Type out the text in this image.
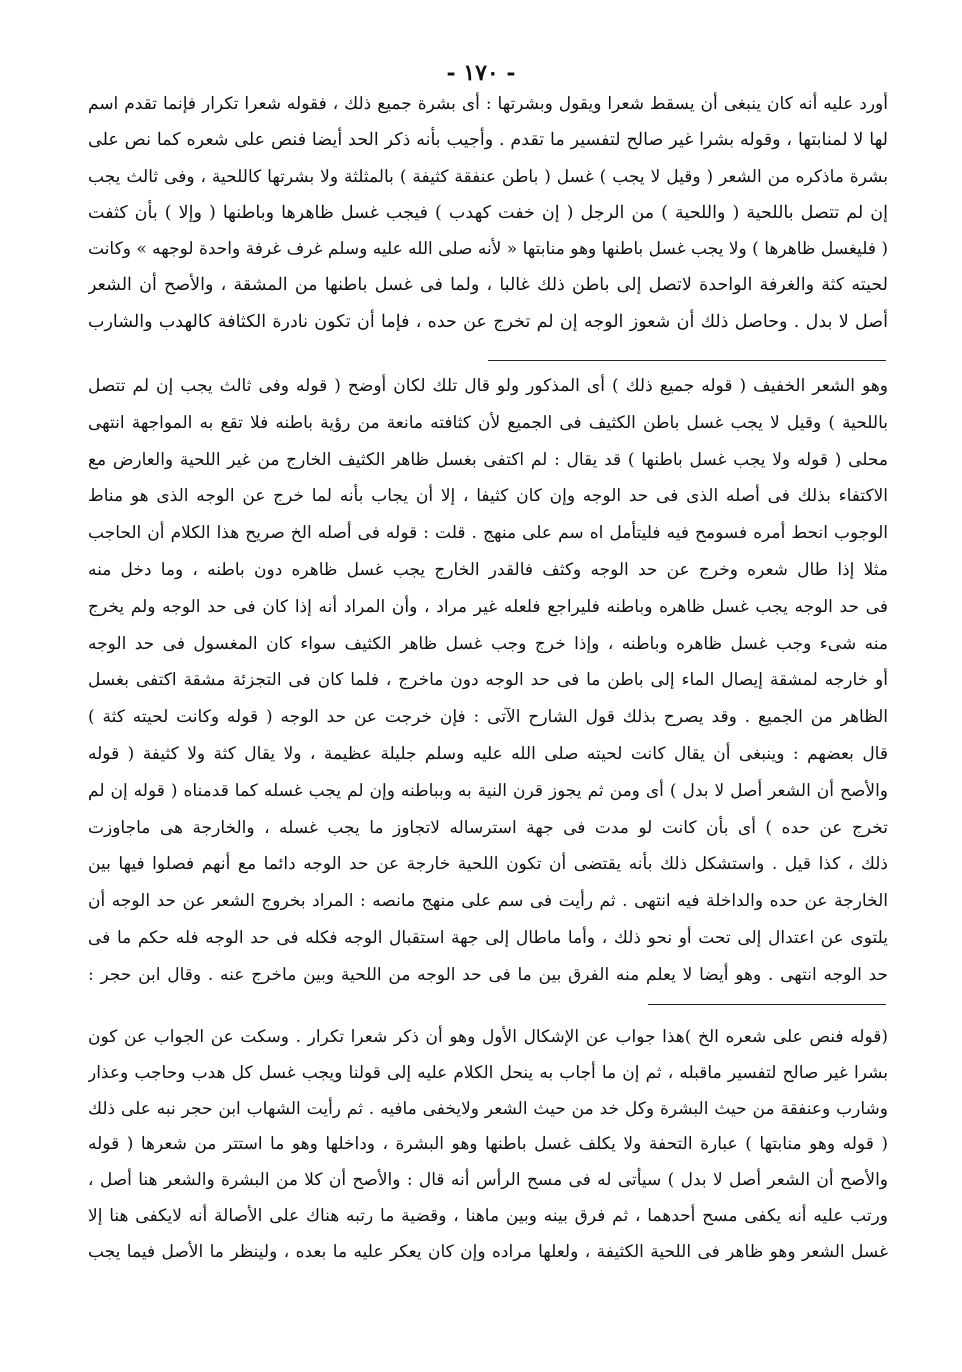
- ١٧٠ -
أورد عليه أنه كان ينبغى أن يسقط شعرا ويقول وبشرتها : أى بشرة جميع ذلك ، فقوله شعرا تكرار فإنما تقدم اسم
لها لا لمنابتها ، وقوله بشرا غير صالح لتفسير ما تقدم . وأجيب بأنه ذكر الحد أيضا فنص على شعره كما نص على
بشرة ماذكره من الشعر ( وقيل لا يجب ) غسل ( باطن عنفقة كثيفة ) بالمثلثة ولا بشرتها كاللحية ، وفى ثالث يجب
إن لم تتصل باللحية ( واللحية ) من الرجل ( إن خفت كهدب ) فيجب غسل ظاهرها وباطنها ( وإلا ) بأن كثفت
( فليغسل ظاهرها ) ولا يجب غسل باطنها وهو منابتها « لأنه صلى الله عليه وسلم غرف غرفة واحدة لوجهه » وكانت
لحيته كثة والغرفة الواحدة لاتصل إلى باطن ذلك غالبا ، ولما فى غسل باطنها من المشقة ، والأصح أن الشعر
أصل لا بدل . وحاصل ذلك أن شعوز الوجه إن لم تخرج عن حده ، فإما أن تكون نادرة الكثافة كالهدب والشارب
وهو الشعر الخفيف ( قوله جميع ذلك ) أى المذكور ولو قال تلك لكان أوضح ( قوله وفى ثالث يجب إن لم تتصل
باللحية ) وقيل لا يجب غسل باطن الكثيف فى الجميع لأن كثافته مانعة من رؤية باطنه فلا تقع به المواجهة انتهى
محلى ( قوله ولا يجب غسل باطنها ) قد يقال : لم اكتفى بغسل ظاهر الكثيف الخارج من غير اللحية والعارض مع
الاكتفاء بذلك فى أصله الذى فى حد الوجه وإن كان كثيفا ، إلا أن يجاب بأنه لما خرج عن الوجه الذى هو مناط
الوجوب انحط أمره فسومح فيه فليتأمل اه سم على منهج . قلت : قوله فى أصله الخ صريح هذا الكلام أن الحاجب
مثلا إذا طال شعره وخرج عن حد الوجه وكثف فالقدر الخارج يجب غسل ظاهره دون باطنه ، وما دخل منه
فى حد الوجه يجب غسل ظاهره وباطنه فليراجع فلعله غير مراد ، وأن المراد أنه إذا كان فى حد الوجه ولم يخرج
منه شىء وجب غسل ظاهره وباطنه ، وإذا خرج وجب غسل ظاهر الكثيف سواء كان المغسول فى حد الوجه
أو خارجه لمشقة إيصال الماء إلى باطن ما فى حد الوجه دون ماخرج ، فلما كان فى التجزئة مشقة اكتفى بغسل
الظاهر من الجميع . وقد يصرح بذلك قول الشارح الآتى : فإن خرجت عن حد الوجه ( قوله وكانت لحيته كثة )
قال بعضهم : وينبغى أن يقال كانت لحيته صلى الله عليه وسلم جليلة عظيمة ، ولا يقال كثة ولا كثيفة ( قوله
والأصح أن الشعر أصل لا بدل ) أى ومن ثم يجوز قرن النية به وبباطنه وإن لم يجب غسله كما قدمناه ( قوله إن لم
تخرج عن حده ) أى بأن كانت لو مدت فى جهة استرساله لاتجاوز ما يجب غسله ، والخارجة هى ماجاوزت
ذلك ، كذا قيل . واستشكل ذلك بأنه يقتضى أن تكون اللحية خارجة عن حد الوجه دائما مع أنهم فصلوا فيها بين
الخارجة عن حده والداخلة فيه انتهى . ثم رأيت فى سم على منهج مانصه : المراد بخروج الشعر عن حد الوجه أن
يلتوى عن اعتدال إلى تحت أو نحو ذلك ، وأما ماطال إلى جهة استقبال الوجه فكله فى حد الوجه فله حكم ما فى
حد الوجه انتهى . وهو أيضا لا يعلم منه الفرق بين ما فى حد الوجه من اللحية وبين ماخرج عنه . وقال ابن حجر :
(قوله فنص على شعره الخ )هذا جواب عن الإشكال الأول وهو أن ذكر شعرا تكرار . وسكت عن الجواب عن كون
بشرا غير صالح لتفسير ماقبله ، ثم إن ما أجاب به ينحل الكلام عليه إلى قولنا ويجب غسل كل هدب وحاجب وعذار
وشارب وعنفقة من حيث البشرة وكل خد من حيث الشعر ولايخفى مافيه . ثم رأيت الشهاب ابن حجر نبه على ذلك
( قوله وهو منابتها ) عبارة التحفة ولا يكلف غسل باطنها وهو البشرة ، وداخلها وهو ما استتر من شعرها ( قوله
والأصح أن الشعر أصل لا بدل ) سيأتى له فى مسح الرأس أنه قال : والأصح أن كلا من البشرة والشعر هنا أصل ،
ورتب عليه أنه يكفى مسح أحدهما ، ثم فرق بينه وبين ماهنا ، وقضية ما رتبه هناك على الأصالة أنه لايكفى هنا إلا
غسل الشعر وهو ظاهر فى اللحية الكثيفة ، ولعلها مراده وإن كان يعكر عليه ما بعده ، ولينظر ما الأصل فيما يجب
